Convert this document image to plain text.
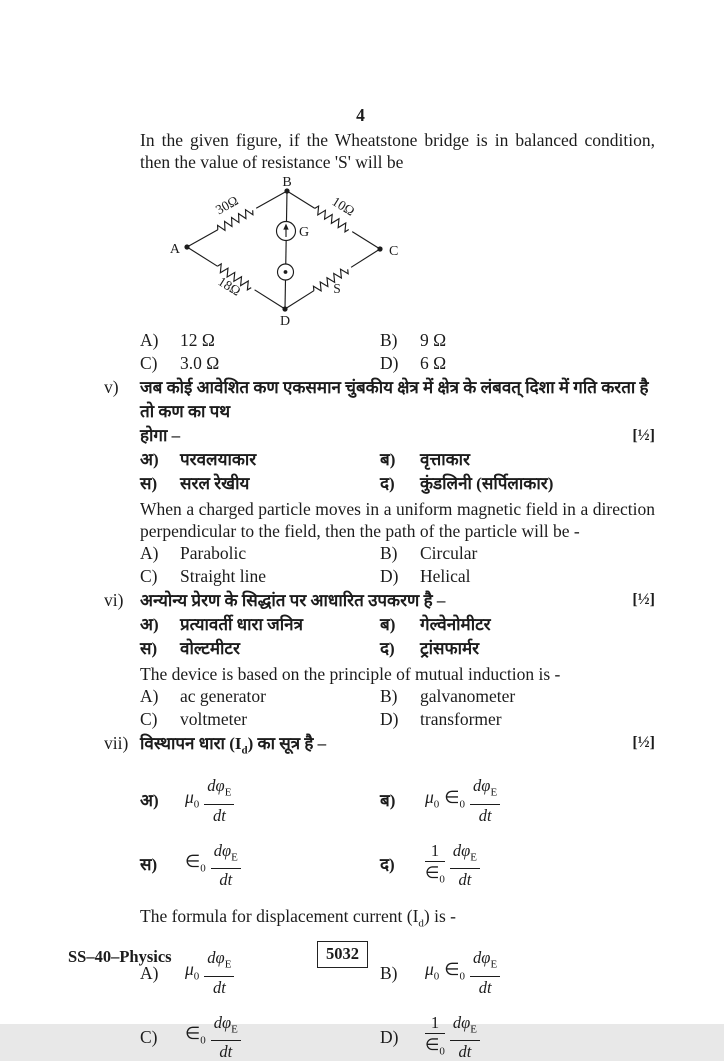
4

In the given figure, if the Wheatstone bridge is in balanced condition, then the value of resistance 'S' will be

B
A	C
D
G
30Ω	10Ω
18Ω	S
A)	12 Ω	B)	9 Ω
C)	3.0 Ω	D)	6 Ω
v)	जब कोई आवेशित कण एकसमान चुंबकीय क्षेत्र में क्षेत्र के लंबवत् दिशा में गति करता है तो कण का पथ
होगा –	[½]
अ)	परवलयाकार	ब)	वृत्ताकार
स)	सरल रेखीय	द)	कुंडलिनी (सर्पिलाकार)

When a charged particle moves in a uniform magnetic field in a direction perpendicular to the field, then the path of the particle will be -

A)	Parabolic	B)	Circular
C)	Straight line	D)	Helical
vi) अन्योन्य प्रेरण के सिद्धांत पर आधारित उपकरण है –	[½]
अ)	प्रत्यावर्ती धारा जनित्र	ब)	गेल्वेनोमीटर
स)	वोल्टमीटर	द)	ट्रांसफार्मर

The device is based on the principle of mutual induction is -

A)	ac generator	B)	galvanometer
C)	voltmeter	D)	transformer
vii) विस्थापन धारा $(I_d)$ का सूत्र है –	[½]
अ)	$\mu_0 \frac{d\varphi_E}{dt}$	ब)	$\mu_0$ $\in_0 \frac{d\varphi_E}{dt}$
स)	$\in_0 \frac{d\varphi_E}{dt}$	द)	$\frac{1}{\in_0} \frac{d\varphi_E}{dt}$

The formula for displacement current $(I_d)$ is -

A)	$\mu_0 \frac{d\varphi_E}{dt}$	B)	$\mu_0$ $\in_0 \frac{d\varphi_E}{dt}$
C)	$\in_0 \frac{d\varphi_E}{dt}$	D)	$\frac{1}{\in_0} \frac{d\varphi_E}{dt}$
SS–40–Physics	5032
